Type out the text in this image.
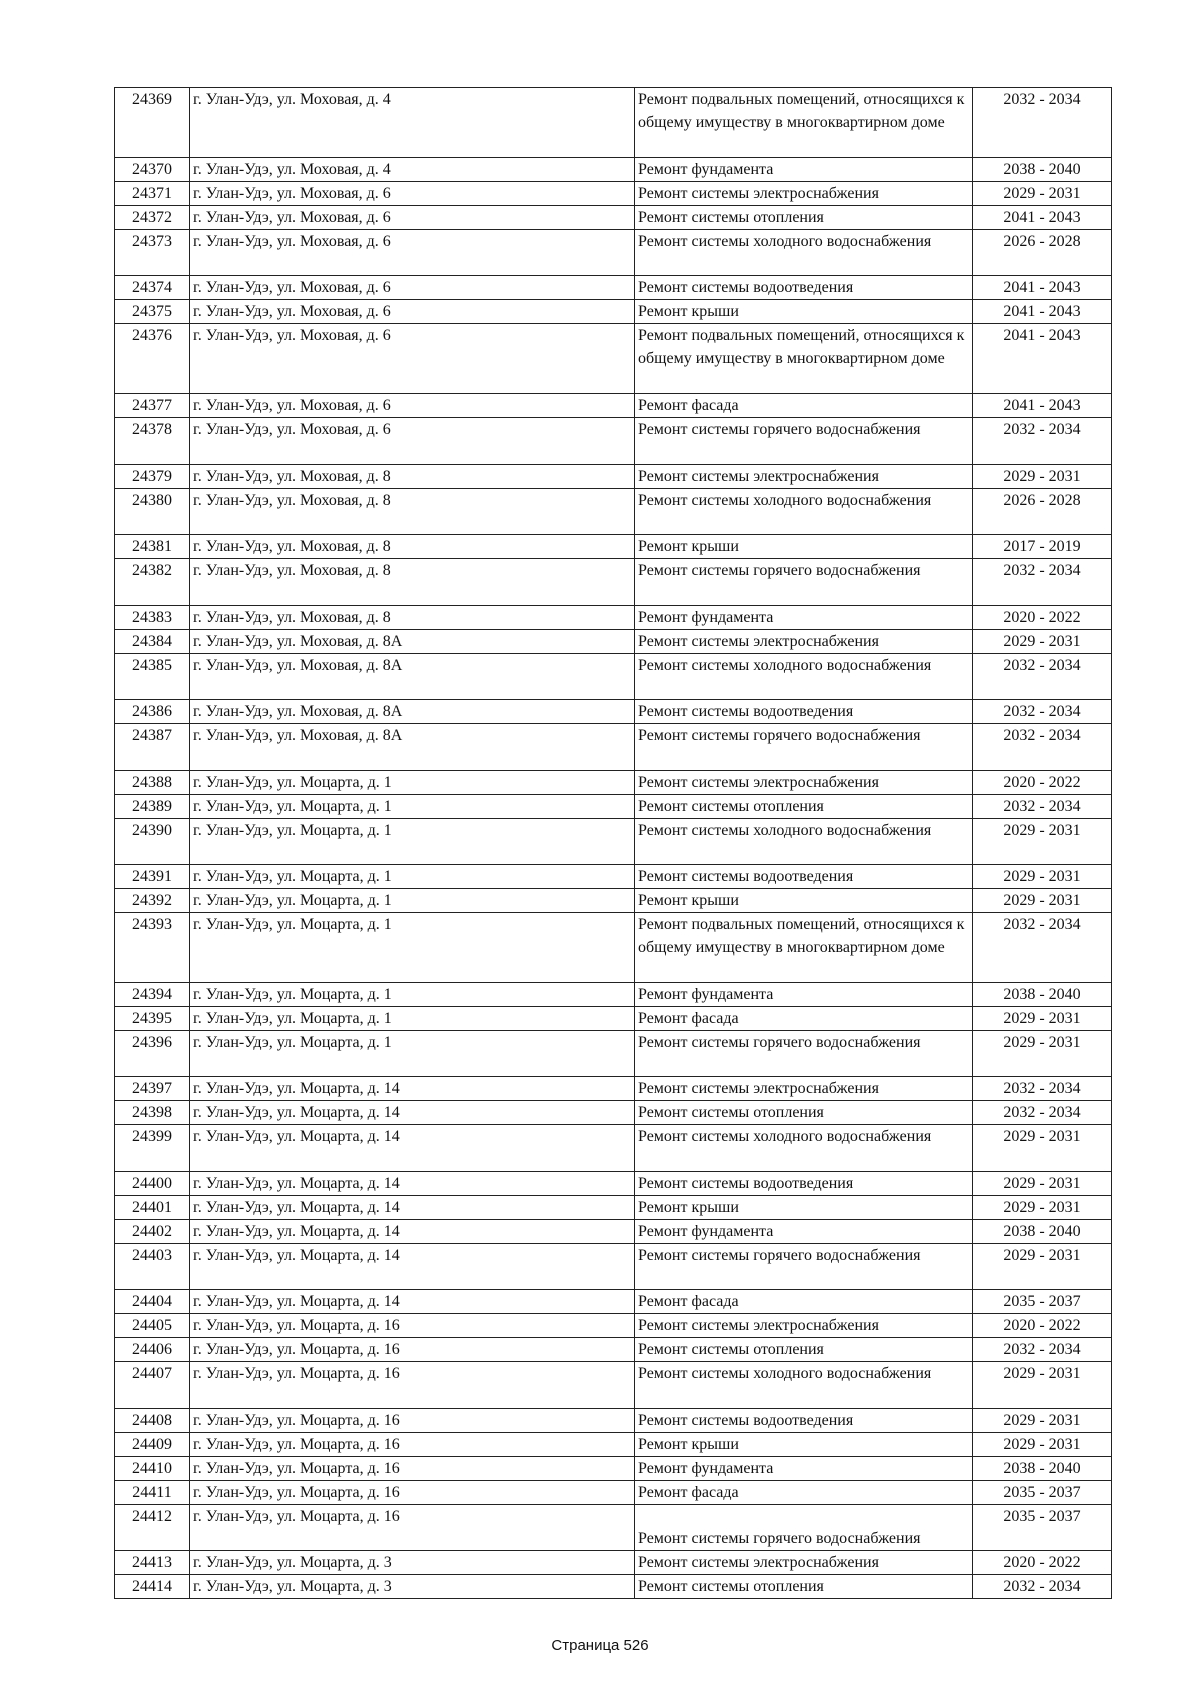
24369	г. Улан-Удэ, ул. Моховая, д. 4	Ремонт подвальных помещений, относящихся к общему имуществу в многоквартирном доме	2032 - 2034
24370	г. Улан-Удэ, ул. Моховая, д. 4	Ремонт фундамента	2038 - 2040
24371	г. Улан-Удэ, ул. Моховая, д. 6	Ремонт системы электроснабжения	2029 - 2031
24372	г. Улан-Удэ, ул. Моховая, д. 6	Ремонт системы отопления	2041 - 2043
24373	г. Улан-Удэ, ул. Моховая, д. 6	Ремонт системы холодного водоснабжения	2026 - 2028
24374	г. Улан-Удэ, ул. Моховая, д. 6	Ремонт системы водоотведения	2041 - 2043
24375	г. Улан-Удэ, ул. Моховая, д. 6	Ремонт крыши	2041 - 2043
24376	г. Улан-Удэ, ул. Моховая, д. 6	Ремонт подвальных помещений, относящихся к общему имуществу в многоквартирном доме	2041 - 2043
24377	г. Улан-Удэ, ул. Моховая, д. 6	Ремонт фасада	2041 - 2043
24378	г. Улан-Удэ, ул. Моховая, д. 6	Ремонт системы горячего водоснабжения	2032 - 2034
24379	г. Улан-Удэ, ул. Моховая, д. 8	Ремонт системы электроснабжения	2029 - 2031
24380	г. Улан-Удэ, ул. Моховая, д. 8	Ремонт системы холодного водоснабжения	2026 - 2028
24381	г. Улан-Удэ, ул. Моховая, д. 8	Ремонт крыши	2017 - 2019
24382	г. Улан-Удэ, ул. Моховая, д. 8	Ремонт системы горячего водоснабжения	2032 - 2034
24383	г. Улан-Удэ, ул. Моховая, д. 8	Ремонт фундамента	2020 - 2022
24384	г. Улан-Удэ, ул. Моховая, д. 8А	Ремонт системы электроснабжения	2029 - 2031
24385	г. Улан-Удэ, ул. Моховая, д. 8А	Ремонт системы холодного водоснабжения	2032 - 2034
24386	г. Улан-Удэ, ул. Моховая, д. 8А	Ремонт системы водоотведения	2032 - 2034
24387	г. Улан-Удэ, ул. Моховая, д. 8А	Ремонт системы горячего водоснабжения	2032 - 2034
24388	г. Улан-Удэ, ул. Моцарта, д. 1	Ремонт системы электроснабжения	2020 - 2022
24389	г. Улан-Удэ, ул. Моцарта, д. 1	Ремонт системы отопления	2032 - 2034
24390	г. Улан-Удэ, ул. Моцарта, д. 1	Ремонт системы холодного водоснабжения	2029 - 2031
24391	г. Улан-Удэ, ул. Моцарта, д. 1	Ремонт системы водоотведения	2029 - 2031
24392	г. Улан-Удэ, ул. Моцарта, д. 1	Ремонт крыши	2029 - 2031
24393	г. Улан-Удэ, ул. Моцарта, д. 1	Ремонт подвальных помещений, относящихся к общему имуществу в многоквартирном доме	2032 - 2034
24394	г. Улан-Удэ, ул. Моцарта, д. 1	Ремонт фундамента	2038 - 2040
24395	г. Улан-Удэ, ул. Моцарта, д. 1	Ремонт фасада	2029 - 2031
24396	г. Улан-Удэ, ул. Моцарта, д. 1	Ремонт системы горячего водоснабжения	2029 - 2031
24397	г. Улан-Удэ, ул. Моцарта, д. 14	Ремонт системы электроснабжения	2032 - 2034
24398	г. Улан-Удэ, ул. Моцарта, д. 14	Ремонт системы отопления	2032 - 2034
24399	г. Улан-Удэ, ул. Моцарта, д. 14	Ремонт системы холодного водоснабжения	2029 - 2031
24400	г. Улан-Удэ, ул. Моцарта, д. 14	Ремонт системы водоотведения	2029 - 2031
24401	г. Улан-Удэ, ул. Моцарта, д. 14	Ремонт крыши	2029 - 2031
24402	г. Улан-Удэ, ул. Моцарта, д. 14	Ремонт фундамента	2038 - 2040
24403	г. Улан-Удэ, ул. Моцарта, д. 14	Ремонт системы горячего водоснабжения	2029 - 2031
24404	г. Улан-Удэ, ул. Моцарта, д. 14	Ремонт фасада	2035 - 2037
24405	г. Улан-Удэ, ул. Моцарта, д. 16	Ремонт системы электроснабжения	2020 - 2022
24406	г. Улан-Удэ, ул. Моцарта, д. 16	Ремонт системы отопления	2032 - 2034
24407	г. Улан-Удэ, ул. Моцарта, д. 16	Ремонт системы холодного водоснабжения	2029 - 2031
24408	г. Улан-Удэ, ул. Моцарта, д. 16	Ремонт системы водоотведения	2029 - 2031
24409	г. Улан-Удэ, ул. Моцарта, д. 16	Ремонт крыши	2029 - 2031
24410	г. Улан-Удэ, ул. Моцарта, д. 16	Ремонт фундамента	2038 - 2040
24411	г. Улан-Удэ, ул. Моцарта, д. 16	Ремонт фасада	2035 - 2037
24412	г. Улан-Удэ, ул. Моцарта, д. 16	Ремонт системы горячего водоснабжения	2035 - 2037
24413	г. Улан-Удэ, ул. Моцарта, д. 3	Ремонт системы электроснабжения	2020 - 2022
24414	г. Улан-Удэ, ул. Моцарта, д. 3	Ремонт системы отопления	2032 - 2034
Страница 526
